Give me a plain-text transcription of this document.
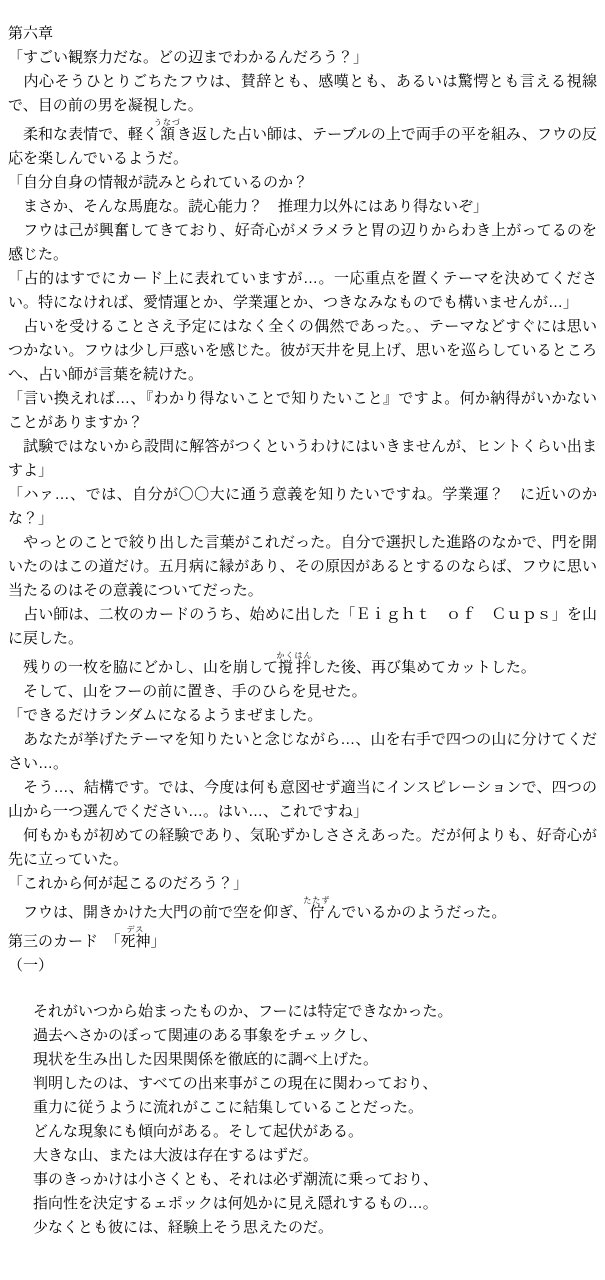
第六章

「すごい観察力だな。どの辺までわかるんだろう？」

　内心そうひとりごちたフウは、賛辞とも、感嘆とも、あるいは驚愕とも言える視線で、目の前の男を凝視した。

　柔和な表情で、軽く頷うなづき返した占い師は、テーブルの上で両手の平を組み、フウの反応を楽しんでいるようだ。

「自分自身の情報が読みとられているのか？

　まさか、そんな馬鹿な。読心能力？　推理力以外にはあり得ないぞ」

　フウは己が興奮してきており、好奇心がメラメラと胃の辺りからわき上がってるのを感じた。

「占的はすでにカード上に表れていますが…。一応重点を置くテーマを決めてください。特になければ、愛情運とか、学業運とか、つきなみなものでも構いませんが…」

　占いを受けることさえ予定にはなく全くの偶然であった。、テーマなどすぐには思いつかない。フウは少し戸惑いを感じた。彼が天井を見上げ、思いを巡らしているところへ、占い師が言葉を続けた。

「言い換えれば…、『わかり得ないことで知りたいこと』ですよ。何か納得がいかないことがありますか？

　試験ではないから設問に解答がつくというわけにはいきませんが、ヒントくらい出ますよ」

「ハァ…、では、自分が〇〇大に通う意義を知りたいですね。学業運？　に近いのかな？」

　やっとのことで絞り出した言葉がこれだった。自分で選択した進路のなかで、門を開いたのはこの道だけ。五月病に縁があり、その原因があるとするのならば、フウに思い当たるのはその意義についてだった。

　占い師は、二枚のカードのうち、始めに出した「Ｅｉｇｈｔ　ｏｆ　Ｃｕｐｓ」を山に戻した。

　残りの一枚を脇にどかし、山を崩して撹拌かくはんした後、再び集めてカットした。

　そして、山をフーの前に置き、手のひらを見せた。

「できるだけランダムになるようまぜました。

　あなたが挙げたテーマを知りたいと念じながら…、山を右手で四つの山に分けてください…。

　そう…、結構です。では、今度は何も意図せず適当にインスピレーションで、四つの山から一つ選んでください…。はい…、これですね」

　何もかもが初めての経験であり、気恥ずかしささえあった。だが何よりも、好奇心が先に立っていた。

「これから何が起こるのだろう？」

　フウは、開きかけた大門の前で空を仰ぎ、佇たたずんでいるかのようだった。

第三のカード　「死神デス」

（一）

それがいつから始まったものか、フーには特定できなかった。

過去へさかのぼって関連のある事象をチェックし、

現状を生み出した因果関係を徹底的に調べ上げた。

判明したのは、すべての出来事がこの現在に関わっており、

重力に従うように流れがここに結集していることだった。

どんな現象にも傾向がある。そして起伏がある。

大きな山、または大波は存在するはずだ。

事のきっかけは小さくとも、それは必ず潮流に乗っており、

指向性を決定するェポックは何処かに見え隠れするもの…。

少なくとも彼には、経験上そう思えたのだ。
